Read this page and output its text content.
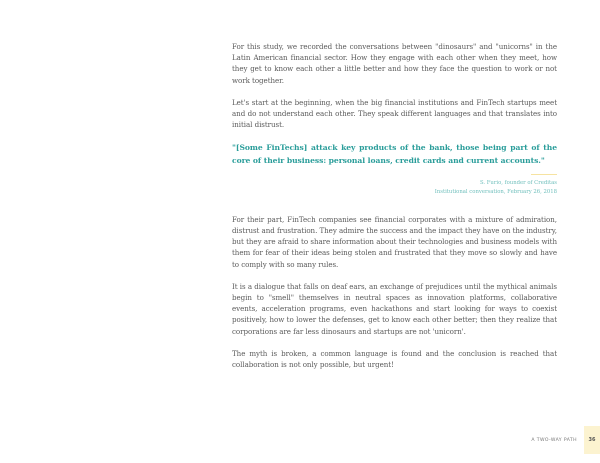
For this study, we recorded the conversations between "dinosaurs" and "unicorns" in the Latin American financial sector. How they engage with each other when they meet, how they get to know each other a little better and how they face the question to work or not work together.

Let's start at the beginning, when the big financial institutions and FinTech startups meet and do not understand each other. They speak different languages and that translates into initial distrust.

"[Some FinTechs] attack key products of the bank, those being part of the core of their business: personal loans, credit cards and current accounts."
S. Furio, founder of Creditas
Institutional conversation, February 26, 2018

For their part, FinTech companies see financial corporates with a mixture of admiration, distrust and frustration. They admire the success and the impact they have on the industry, but they are afraid to share information about their technologies and business models with them for fear of their ideas being stolen and frustrated that they move so slowly and have to comply with so many rules.

It is a dialogue that falls on deaf ears, an exchange of prejudices until the mythical animals begin to "smell" themselves in neutral spaces as innovation platforms, collaborative events, acceleration programs, even hackathons and start looking for ways to coexist positively, how to lower the defenses, get to know each other better; then they realize that corporations are far less dinosaurs and startups are not 'unicorn'.

The myth is broken, a common language is found and the conclusion is reached that collaboration is not only possible, but urgent!

A TWO-WAY PATH 36
